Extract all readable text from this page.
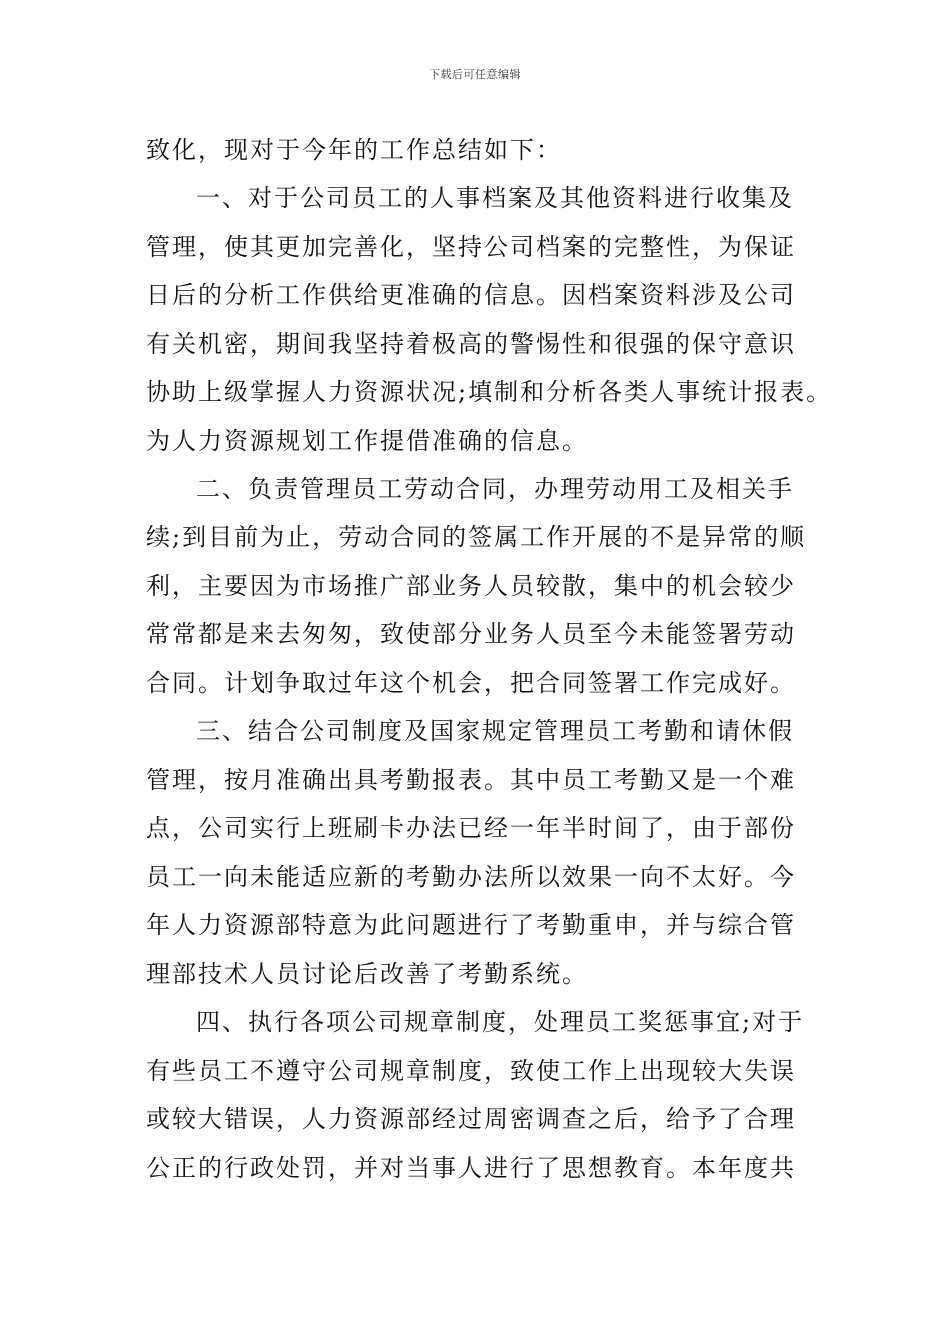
下载后可任意编辑
致化，现对于今年的工作总结如下：
一、对于公司员工的人事档案及其他资料进行收集及
管理，使其更加完善化，坚持公司档案的完整性，为保证
日后的分析工作供给更准确的信息。因档案资料涉及公司
有关机密，期间我坚持着极高的警惕性和很强的保守意识
协助上级掌握人力资源状况;填制和分析各类人事统计报表。
为人力资源规划工作提借准确的信息。
二、负责管理员工劳动合同，办理劳动用工及相关手
续;到目前为止，劳动合同的签属工作开展的不是异常的顺
利，主要因为市场推广部业务人员较散，集中的机会较少
常常都是来去匆匆，致使部分业务人员至今未能签署劳动
合同。计划争取过年这个机会，把合同签署工作完成好。
三、结合公司制度及国家规定管理员工考勤和请休假
管理，按月准确出具考勤报表。其中员工考勤又是一个难
点，公司实行上班刷卡办法已经一年半时间了，由于部份
员工一向未能适应新的考勤办法所以效果一向不太好。今
年人力资源部特意为此问题进行了考勤重申，并与综合管
理部技术人员讨论后改善了考勤系统。
四、执行各项公司规章制度，处理员工奖惩事宜;对于
有些员工不遵守公司规章制度，致使工作上出现较大失误
或较大错误，人力资源部经过周密调查之后，给予了合理
公正的行政处罚，并对当事人进行了思想教育。本年度共
